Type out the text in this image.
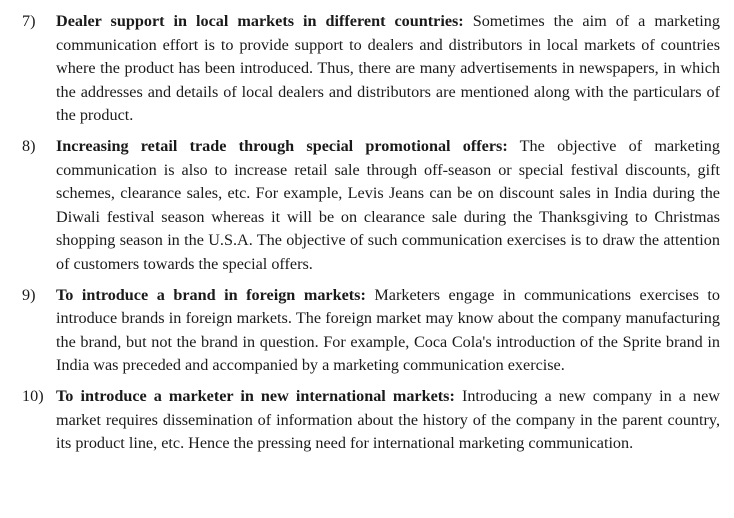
7)	Dealer support in local markets in different countries: Sometimes the aim of a marketing communication effort is to provide support to dealers and distributors in local markets of countries where the product has been introduced. Thus, there are many advertisements in newspapers, in which the addresses and details of local dealers and distributors are mentioned along with the particulars of the product.
8)	Increasing retail trade through special promotional offers: The objective of marketing communication is also to increase retail sale through off-season or special festival discounts, gift schemes, clearance sales, etc. For example, Levis Jeans can be on discount sales in India during the Diwali festival season whereas it will be on clearance sale during the Thanksgiving to Christmas shopping season in the U.S.A. The objective of such communication exercises is to draw the attention of customers towards the special offers.
9)	To introduce a brand in foreign markets: Marketers engage in communications exercises to introduce brands in foreign markets. The foreign market may know about the company manufacturing the brand, but not the brand in question. For example, Coca Cola's introduction of the Sprite brand in India was preceded and accompanied by a marketing communication exercise.
10) To introduce a marketer in new international markets: Introducing a new company in a new market requires dissemination of information about the history of the company in the parent country, its product line, etc. Hence the pressing need for international marketing communication.
